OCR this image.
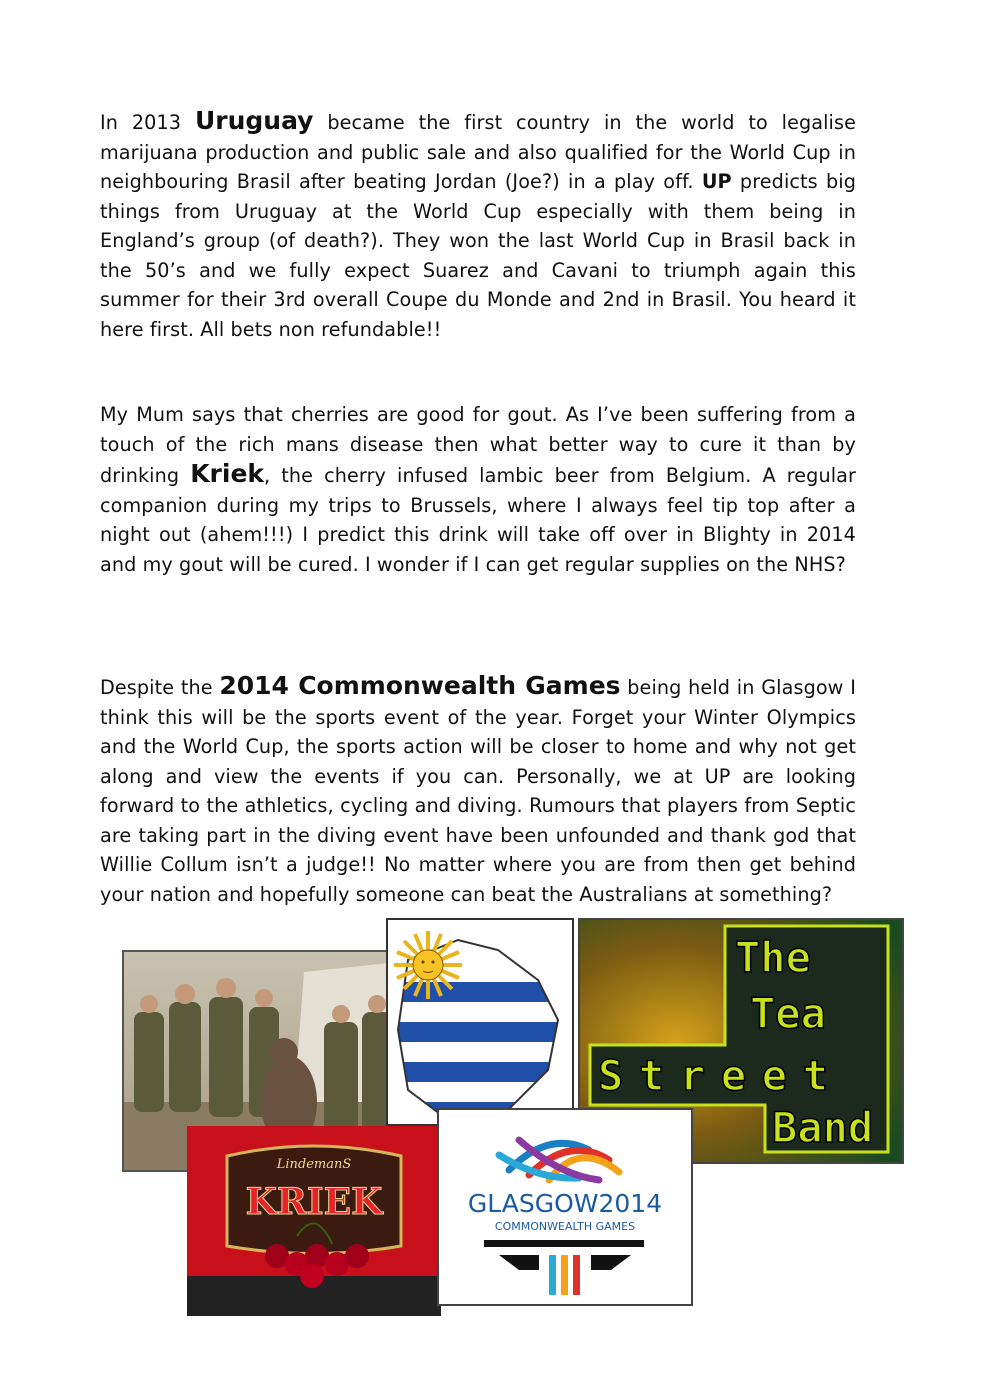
In 2013 Uruguay became the first country in the world to legalise marijuana production and public sale and also qualified for the World Cup in neighbouring Brasil after beating Jordan (Joe?) in a play off. UP predicts big things from Uruguay at the World Cup especially with them being in England’s group (of death?). They won the last World Cup in Brasil back in the 50’s and we fully expect Suarez and Cavani to triumph again this summer for their 3rd overall Coupe du Monde and 2nd in Brasil. You heard it here first. All bets non refundable!!
My Mum says that cherries are good for gout. As I’ve been suffering from a touch of the rich mans disease then what better way to cure it than by drinking Kriek, the cherry infused lambic beer from Belgium. A regular companion during my trips to Brussels, where I always feel tip top after a night out (ahem!!!) I predict this drink will take off over in Blighty in 2014 and my gout will be cured. I wonder if I can get regular supplies on the NHS?
Despite the 2014 Commonwealth Games being held in Glasgow I think this will be the sports event of the year. Forget your Winter Olympics and the World Cup, the sports action will be closer to home and why not get along and view the events if you can. Personally, we at UP are looking forward to the athletics, cycling and diving. Rumours that players from Septic are taking part in the diving event have been unfounded and thank god that Willie Collum isn’t a judge!! No matter where you are from then get behind your nation and hopefully someone can beat the Australians at something?
The
Tea
Street
Band
LindemanS
KRIEK	GLASGOW2014
COMMONWEALTH GAMES
